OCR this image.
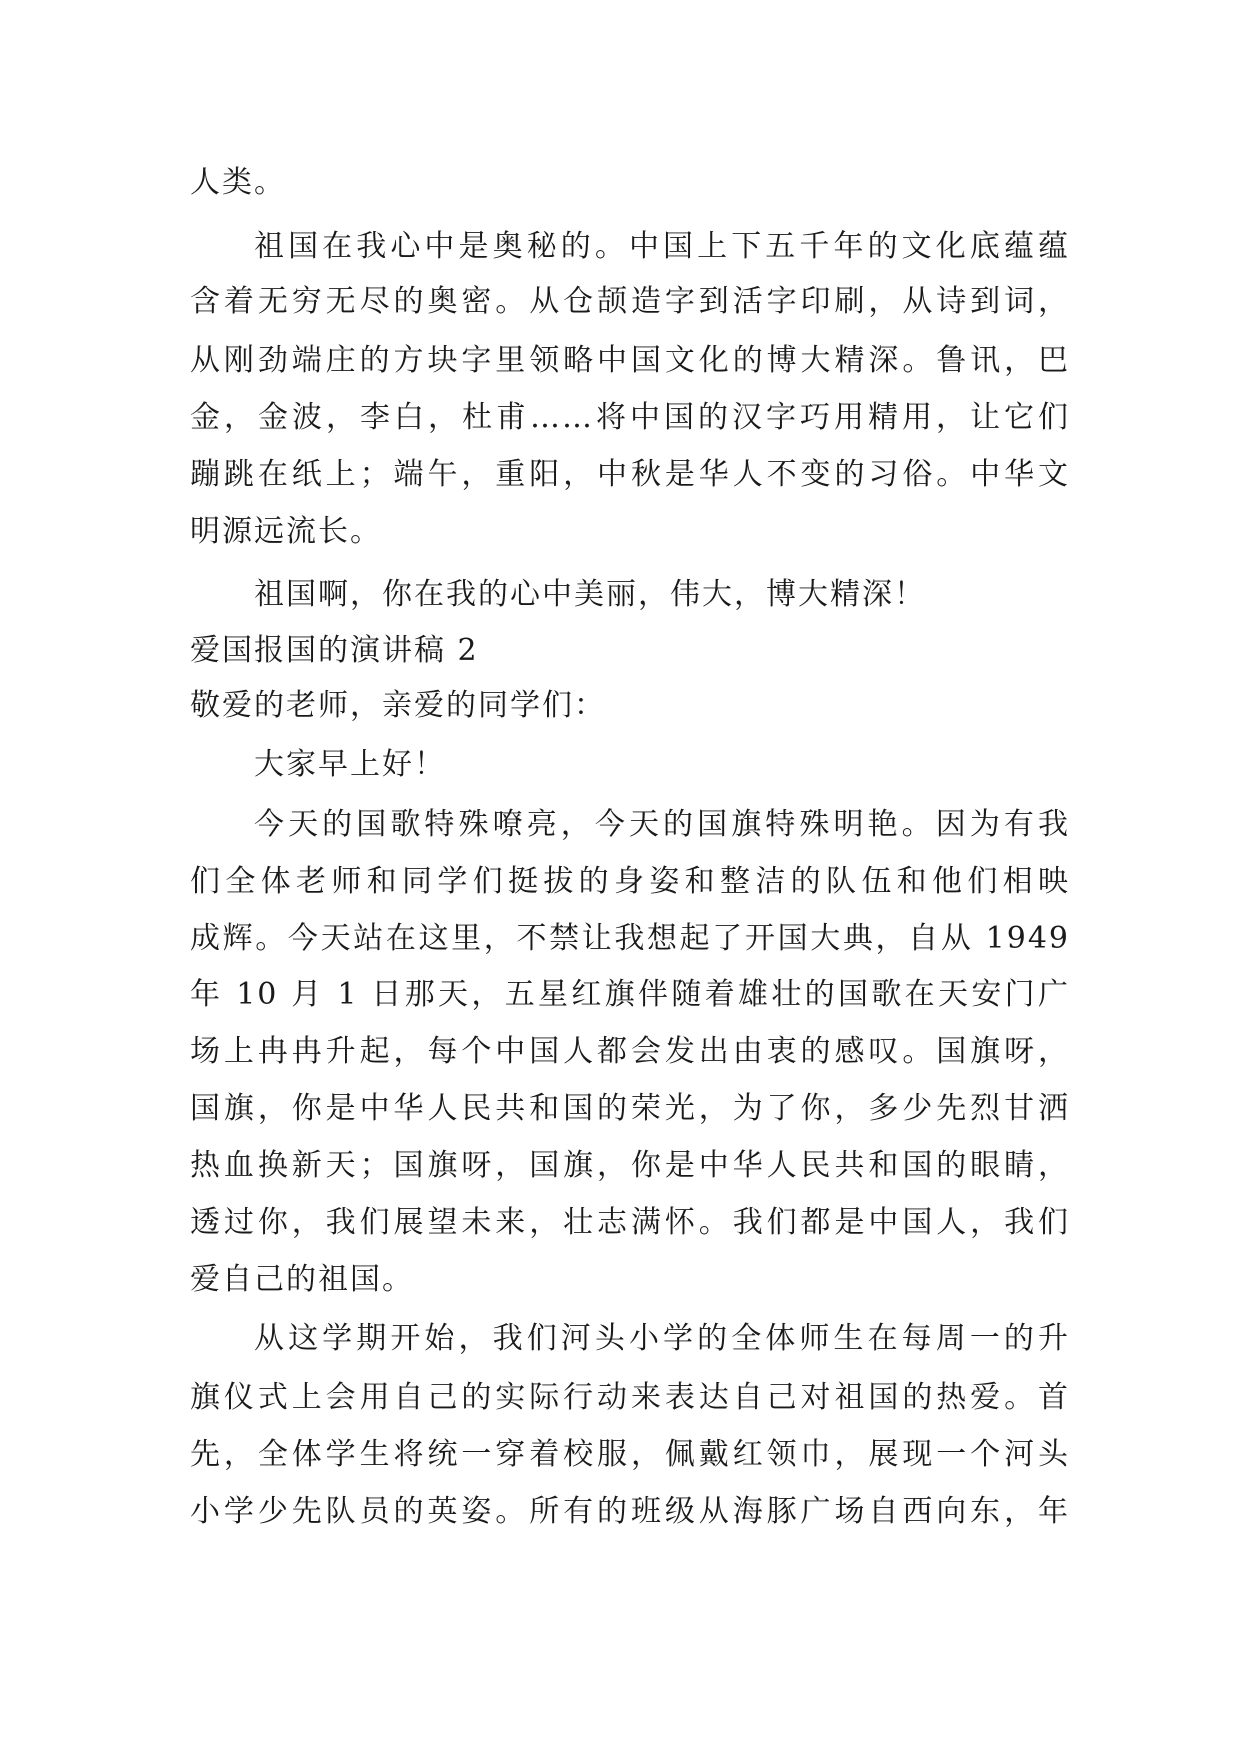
人类。
祖国在我心中是奥秘的。中国上下五千年的文化底蕴蕴
含着无穷无尽的奥密。从仓颉造字到活字印刷，从诗到词，
从刚劲端庄的方块字里领略中国文化的博大精深。鲁讯，巴
金，金波，李白，杜甫……将中国的汉字巧用精用，让它们
蹦跳在纸上；端午，重阳，中秋是华人不变的习俗。中华文
明源远流长。
祖国啊，你在我的心中美丽，伟大，博大精深！
爱国报国的演讲稿 2
敬爱的老师，亲爱的同学们：
大家早上好！
今天的国歌特殊嘹亮，今天的国旗特殊明艳。因为有我
们全体老师和同学们挺拔的身姿和整洁的队伍和他们相映
成辉。今天站在这里，不禁让我想起了开国大典，自从 1949
年 10 月 1 日那天，五星红旗伴随着雄壮的国歌在天安门广
场上冉冉升起，每个中国人都会发出由衷的感叹。国旗呀，
国旗，你是中华人民共和国的荣光，为了你，多少先烈甘洒
热血换新天；国旗呀，国旗，你是中华人民共和国的眼睛，
透过你，我们展望未来，壮志满怀。我们都是中国人，我们
爱自己的祖国。
从这学期开始，我们河头小学的全体师生在每周一的升
旗仪式上会用自己的实际行动来表达自己对祖国的热爱。首
先，全体学生将统一穿着校服，佩戴红领巾，展现一个河头
小学少先队员的英姿。所有的班级从海豚广场自西向东，年
